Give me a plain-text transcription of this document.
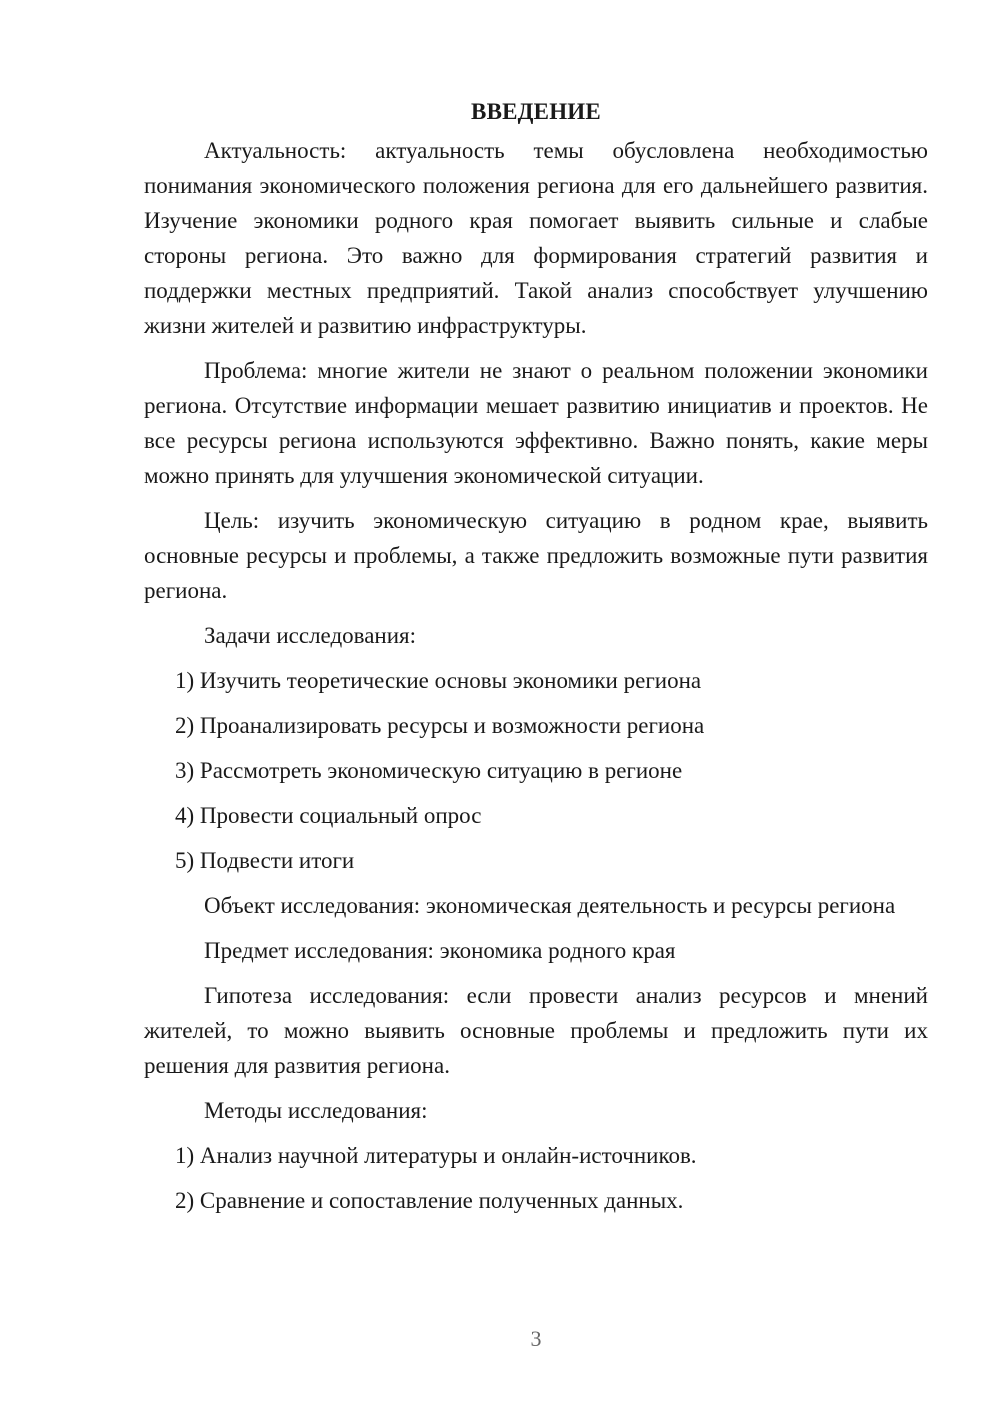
ВВЕДЕНИЕ

Актуальность: актуальность темы обусловлена необходимостью понимания экономического положения региона для его дальнейшего развития. Изучение экономики родного края помогает выявить сильные и слабые стороны региона. Это важно для формирования стратегий развития и поддержки местных предприятий. Такой анализ способствует улучшению жизни жителей и развитию инфраструктуры.

Проблема: многие жители не знают о реальном положении экономики региона. Отсутствие информации мешает развитию инициатив и проектов. Не все ресурсы региона используются эффективно. Важно понять, какие меры можно принять для улучшения экономической ситуации.

Цель: изучить экономическую ситуацию в родном крае, выявить основные ресурсы и проблемы, а также предложить возможные пути развития региона.

Задачи исследования:

1) Изучить теоретические основы экономики региона
2) Проанализировать ресурсы и возможности региона
3) Рассмотреть экономическую ситуацию в регионе
4) Провести социальный опрос
5) Подвести итоги

Объект исследования: экономическая деятельность и ресурсы региона

Предмет исследования: экономика родного края

Гипотеза исследования: если провести анализ ресурсов и мнений жителей, то можно выявить основные проблемы и предложить пути их решения для развития региона.

Методы исследования:

1) Анализ научной литературы и онлайн-источников.
2) Сравнение и сопоставление полученных данных.
3
